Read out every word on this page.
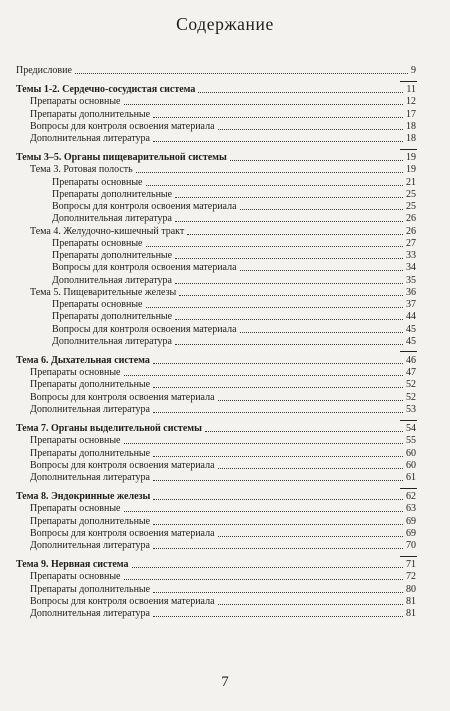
Содержание
Предисловие	9
Темы 1-2. Сердечно-сосудистая система	11
Препараты основные	12
Препараты дополнительные	17
Вопросы для контроля освоения материала	18
Дополнительная литература	18
Темы 3–5. Органы пищеварительной системы	19
Тема 3. Ротовая полость	19
Препараты основные	21
Препараты дополнительные	25
Вопросы для контроля освоения материала	25
Дополнительная литература	26
Тема 4. Желудочно-кишечный тракт	26
Препараты основные	27
Препараты дополнительные	33
Вопросы для контроля освоения материала	34
Дополнительная литература	35
Тема 5. Пищеварительные железы	36
Препараты основные	37
Препараты дополнительные	44
Вопросы для контроля освоения материала	45
Дополнительная литература	45
Тема 6. Дыхательная система	46
Препараты основные	47
Препараты дополнительные	52
Вопросы для контроля освоения материала	52
Дополнительная литература	53
Тема 7. Органы выделительной системы	54
Препараты основные	55
Препараты дополнительные	60
Вопросы для контроля освоения материала	60
Дополнительная литература	61
Тема 8. Эндокринные железы	62
Препараты основные	63
Препараты дополнительные	69
Вопросы для контроля освоения материала	69
Дополнительная литература	70
Тема 9. Нервная система	71
Препараты основные	72
Препараты дополнительные	80
Вопросы для контроля освоения материала	81
Дополнительная литература	81
7
